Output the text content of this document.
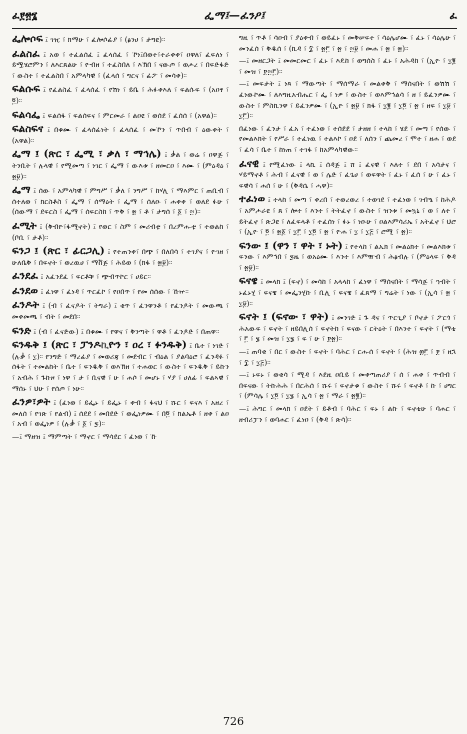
ፈ፻፳፮	ፌማ፤—ፈንዖ፤	ፈ

ፌሎሶፍ ፤ ገዢ ፣ ክማሁ ፣ ፈሎሶፊያ ፣ (ፅንሀ ፣ ታግዩ)።

ፈልስፈ ፤ አወ ፣ ተፈልሰፈ ፤ ፈላሰፈ ፣ ኾነ፤በወተ፣ተራቀቀ፣ ዐዋለ፣ ፈፍለነ ፣ ይሟሄሮምን ፣ ለእርጸልሁ ፣ ዮብዘ ፣ ተፈስበለ ፣ እኽበ ፣ ናውጦ ፣ ወሖረ ፣ በፍድፋድ ፣ ውስተ ፣ ተፈልስበ ፣ አምላካዊ ፣ (ፈላሰ ፣ ግርና ፣ ፊፖ ፣ መሳቀ)።

ፍልሱፍ ፤ የፈልስፈ ፣ ፈላሰፈ ፣ የሽነ ፣ ይቤ ፣ ሕፉቀእለ ፣ ፍልሱፍ ፣ (አዐፃ ፣ ፬)።

ፍልሳፌ ፤ ፍልሰፋ ፣ ፍልሰፍና ፣ ምርመራ ፣ ልዐዩ ፣ ወሰደ ፣ ፈሰሰ ፣ (አዋል)።

ፍልስፍና ፤ በቁሙ ፣ ፈላሰፊነት ፣ ፈላሰፈ ፣ መኾን ፣ ጥበብ ፣ ዕውቀት ፣ (አዋል)።

ፌማ ፤ (ጽር ፣ ፌሚ ፣ ቃለ ፣ ማኅሌ) ፤ ቃል ፣ ወሬ ፣ ዐዋጅ ፣ ትንቢት ፣ ሉላዊ ፣ የሚመጣ ፣ ነገር ፣ ፌማ ፣ ውእቱ ፣ ዘመርዐ ፣ እሙ ፣ (ምዕዳዕ ፣ ፳፱)።

ፌማ ፤ ሰው ፣ አምላካዊ ፣ ምግሥ ፣ ቃለ ፣ ንግሥ ፣ ከሃሊ ፣ ማእምር ፣ ጠቢብ ፣ ሰተለወ ፣ ክርስቶስ ፣ ፌማ ፣ ሰማዕት ፣ ፌማ ፣ ሰለዑ ፣ ሐቀቀ ፣ ወለደ ፉሁ ፣ (ሰውማ ፣ ደፍርስ ፣ ፌማ ፣ ሰፍርስከ ፣ ጥቅ ፣ ፳ ፣ ቶ ፣ ታግሰ ፣ ፩ ፣ ፵)።

ፈሚት ፤ (ቅብዮ፣ፋሚኖት) ፤ የወር ፣ ስም ፣ መሪብቲ ፣ በረምሑቲ ፣ ተወልከ ፣ (ቦቢ ፣ ታቶ)።

ፍንጋ ፤ (ጽር ፣ ፊርጋሊ) ፤ የተጠንቀ፣ በጭ ፣ በለበሳ ፣ ተገያና ፣ ዮገዘ ፣ ሁለቤቅ ፣ በፍኖት ፣ ወረዉሀ ፣ ማቨጅ ፣ ሕይወ ፣ (ክፋ ፣ ፳፱)።

ፈንደፈ ፤ አፈንደፈ ፣ ፍርቶቹ ፣ ጭብጥኮር ፣ ሀይር።

ፈንደወ ፤ ፈነዋ ፣ ፈነዳ ፣ ጥርፈኮ ፣ የዐበጥ ፣ የመ ሰሰው ፣ ኹኵ።

ፈንዶት ፤ (ብ ፣ ፈናዶት ፣ ትግራ) ፤ ቂጥ ፣ ፈንዋንቶ ፣ የፈንዶት ፣ መውጫ ፣ መቀመጫ ፣ ብት ፣ መደበ።

ፍንድ ፤ (ብ ፣ ፈናድው) ፤ በቁሙ ፣ የዋና ፣ ቅንጣት ፣ ዋቶ ፣ ፈንዶድ ፣ በጠዋ።

ፍንዱቅ ፤ (ጽር ፣ ፓንዶኪዮን ፣ ዐረ ፣ ፉንዱቅ) ፤ ቤተ ፣ ነገድ ፣ (ሉቃ ፣ ፲)። የንግድ ፣ ማረፊያ ፣ መወሪጃ ፣ መደብር ፣ ብዕል ፣ ያልባዕሮ ፣ ፈንዳፉ ፣ ሰፋት ፣ ተመልከት ፣ ቤተ ፣ ፍንዱቅ ፣ ወእኽዘ ፣ ተሐወር ፣ ውስተ ፣ ፍንዱቅ ፣ ይኩን ፣ አብሕ ፣ ጉኩዞ ፣ ነዋ ፣ ታ ፣ ቢናዊ ፣ ሁ ፣ ሐሶ ፣ መሆኑ ፣ ሃያ ፣ ሀለፊ ፣ ፍልኣዊ ፣ ማሰኑ ፣ ህሁ ፣ የሰጦ ፣ ነሁ።

ፈንዎ፣ዎት ፤ (ፈነወ ፣ ይፌኑ ፣ ይፌኑ ፣ ቀብ ፣ ፋናህ ፣ ሹር ፣ ፍናእ ፣ አዘረ ፣ መለሰ ፣ የገጽ ፣ የልብ) ፤ ሰደደ ፣ መበደድ ፣ ወፌነዎሙ ፣ በ፬ ፣ ክልኤቶ ፣ ዘቀ ፣ ልዐ ፣ አብ ፣ ወፌነዎ ፣ (ሉቃ ፣ ፩ ፣ ፯)።

—፤ ማዘዝ ፤ ማምጣት ፣ ማኖር ፣ ማሳደር ፣ ፈነወ ፣ ኹ

ግዚ ፣ ጥቶ ፣ ሳዐብ ፣ ያዕቀብ ፣ ወይፈኑ ፣ መቅሠፍተ ፣ ሳዕሌሆሙ ፣ ፈኑ ፣ ሳዕሌሁ ፣ መንፈሰ ፣ ቅዱሰ ፣ (ኪዳ ፣ ፰ ፣ ፳፫ ፣ ፳ ፣ ፵፱ ፣ መሐ ፣ ፳ ፣ ፳)።

—፤ መዘርጋት ፤ መመርመር ፣ ፈኑ ፣ እዴከ ፣ ወግሰስ ፣ ፈኑ ፣ አሕዳከ ፣ (ኢዮ ፣ ፲፪ ፣ መዝ ፣ ፻፵፫)።

—፤ መፍታት ፤ ነጻ ፣ ማውጣት ፣ ማሰማራ ፣ መልቀቅ ፣ ማሰናበት ፣ ወሽሽ ፣ ፈነውኮሙ ፣ ለእግዚአብሔር ፣ ፌ ፣ ነዎ ፣ ውስተ ፣ ወእምኅልሳ ፣ ዘ ፣ ይፈንዎሙ ፣ ውስተ ፣ ምስኪንዋ ፣ ይፈንዎሙ ፣ (ኢዮ ፣ ፳፱ ፣ ክፋ ፣ ፲፪ ፣ ፲፬ ፣ ፳ ፣ ዘፍ ፣ ፲፱ ፣ ፲፫)።

በፈነው ፣ ፈንታ ፣ ፈአ ፣ ተፈነወ ፣ ተሰደደ ፣ ታዘዘ ፣ ተላከ ፣ ሄደ ፣ መጣ ፣ የሰው ፣ የመልእክት ፣ የሥራ ፣ ተፈነዉ ፣ ተልእኮ ፣ ዐደ ፣ ለሰን ፣ ጨመረ ፣ ሞተ ፣ ዘሐ ፣ ወደ ፣ ፈሳ ፣ ቤተ ፣ ከነጠ ፣ ተገፋ ፣ ከአምላካዊው።

ፈናዊ ፤ የሚፈነው ፤ ላኪ ፤ ሰዳጅ ፤ ሸ ፤ ፈናዊ ፣ እለተ ፣ ደበ ፣ አሳታና ፣ ሃይማኖቶ ፣ ሕብ ፣ ፈናዊ ፣ ወ ፣ ሌድ ፣ ፈጌሀ ፣ ወፍዋት ፣ ፈኑ ፣ ፈሰ ፣ ሁ ፣ ፈኑ ፣ ፍዊሳ ፣ ሐሰ ፣ ሁ ፣ (ቅዳሴ ፣ ሓዋ)።

ተፈነወ ፤ ተላከ ፣ መጣ ፣ ቀረበ ፣ ተወረወረ ፣ ተወገደ ፣ ተፈነወ ፣ ገብዔ ፣ ከሕዶ ፣ አምሖራዩ ፣ ጸ ፣ ሎተ ፣ እንተ ፣ ትትፈኖ ፣ ውስተ ፣ ዝንቱ ፣ መኳኒ ፣ ወ ፣ ለተ ፣ ይትፈኖ ፣ ጽጋዩ ፣ ለፈፍላቶ ፣ ተፈሰነ ፣ ፉኑ ፣ ነዑሁ ፣ ዐልእምሳሪኤ ፣ አትፈኖ ፣ ህሮ ፣ (ኢዮ ፣ ፬ ፣ ፳፩ ፣ ፲፫ ፣ ፲፬ ፣ ፳ ፣ ዮሐ ፣ ፲ ፣ ፲፭ ፣ ሮሚ ፣ ፳)።

ፍንው ፤ (ዋን ፣ ዋት ፣ ኑት) ፤ የተላከ ፣ ልኡክ ፣ መልዕክተ ፣ መልእክቱ ፣ ፍንው ፣ እምኅበ ፣ ፯ዜ ፣ ወአዕሙ ፣ እንተ ፣ እምዥብ ፣ ሕፅብሉ ፣ (ምዕላፍ ፣ ቅዳ ፣ ፳፱)።

ፍናዌ ፤ መላክ ፤ (ፍኖ) ፣ መሳከ ፣ አላላከ ፣ ፈነዋ ፣ ማሰናበት ፣ ማሳጅ ፣ ኀብት ፣ ኑፈኑሂ ፣ ፍናዌ ፣ መፌንሂኩ ፣ ቢሊ ፣ ፍናዌ ፣ ፈጸማ ፣ ግሬት ፣ ነው ፣ (ኢሳ ፣ ፳ ፣ ፲፱)።

ፍኖት ፤ (ፍኖው ፣ ዋት) ፤ መንገድ ፤ ጉ ዳና ፣ ጥርጊያ ፣ ቦኖታ ፣ ፖርጎ ፣ ሕአውፍ ፣ ፍኖት ፣ ዘይበሊሰ ፣ ፍኖትከ ፣ ፍናው ፣ ርትዕት ፣ በእንተ ፣ ፍኖት ፣ (ማቴ ፣ ፫ ፣ ፮ ፣ መዝ ፣ ፲፮ ፣ ፍ ፣ ሁ ፣ ፻፳)።

—፤ ጠባቂ ፣ በር ፣ ውስተ ፣ ፍኖት ፣ ባሕር ፣ ርሑሰ ፣ ፍኖት ፣ (ሕዝ ፴፫ ፣ ፻ ፣ ዘኋ ፣ ፰ ፣ ፲፭)።

—፤ ኑፍኑ ፣ ወቂሳ ፣ ሚዳ ፣ እደዚ ዐቢይ ፣ መቀጣጠሪያ ፣ ሰ ፣ ሐቀ ፣ ጥብብ ፣ በፍናው ፣ ትኩሕሕ ፣ በርሕሰ ፣ ሹሩ ፣ ፍኖታቁ ፣ ውስተ ፣ ሹሩ ፣ ፍኖቶ ፣ ኩ ፣ ሀግር ፣ (ምሳሌ ፣ ፲፬ ፣ ፲፮ ፣ ኢሳ ፣ ፳ ፣ ማራ ፣ ፳፪)።

—፤ ሕግር ፣ መላክ ፣ ዐደት ፣ ይቶብ ፣ ባሕር ፣ ፍኑ ፣ ልኩ ፣ ፍኖቴሁ ፣ ባሐር ፣ ዘብሪፓን ፣ ወባሐር ፣ ፈነዐ ፣ (ቅዳ ፣ ጽሳ)።

726
